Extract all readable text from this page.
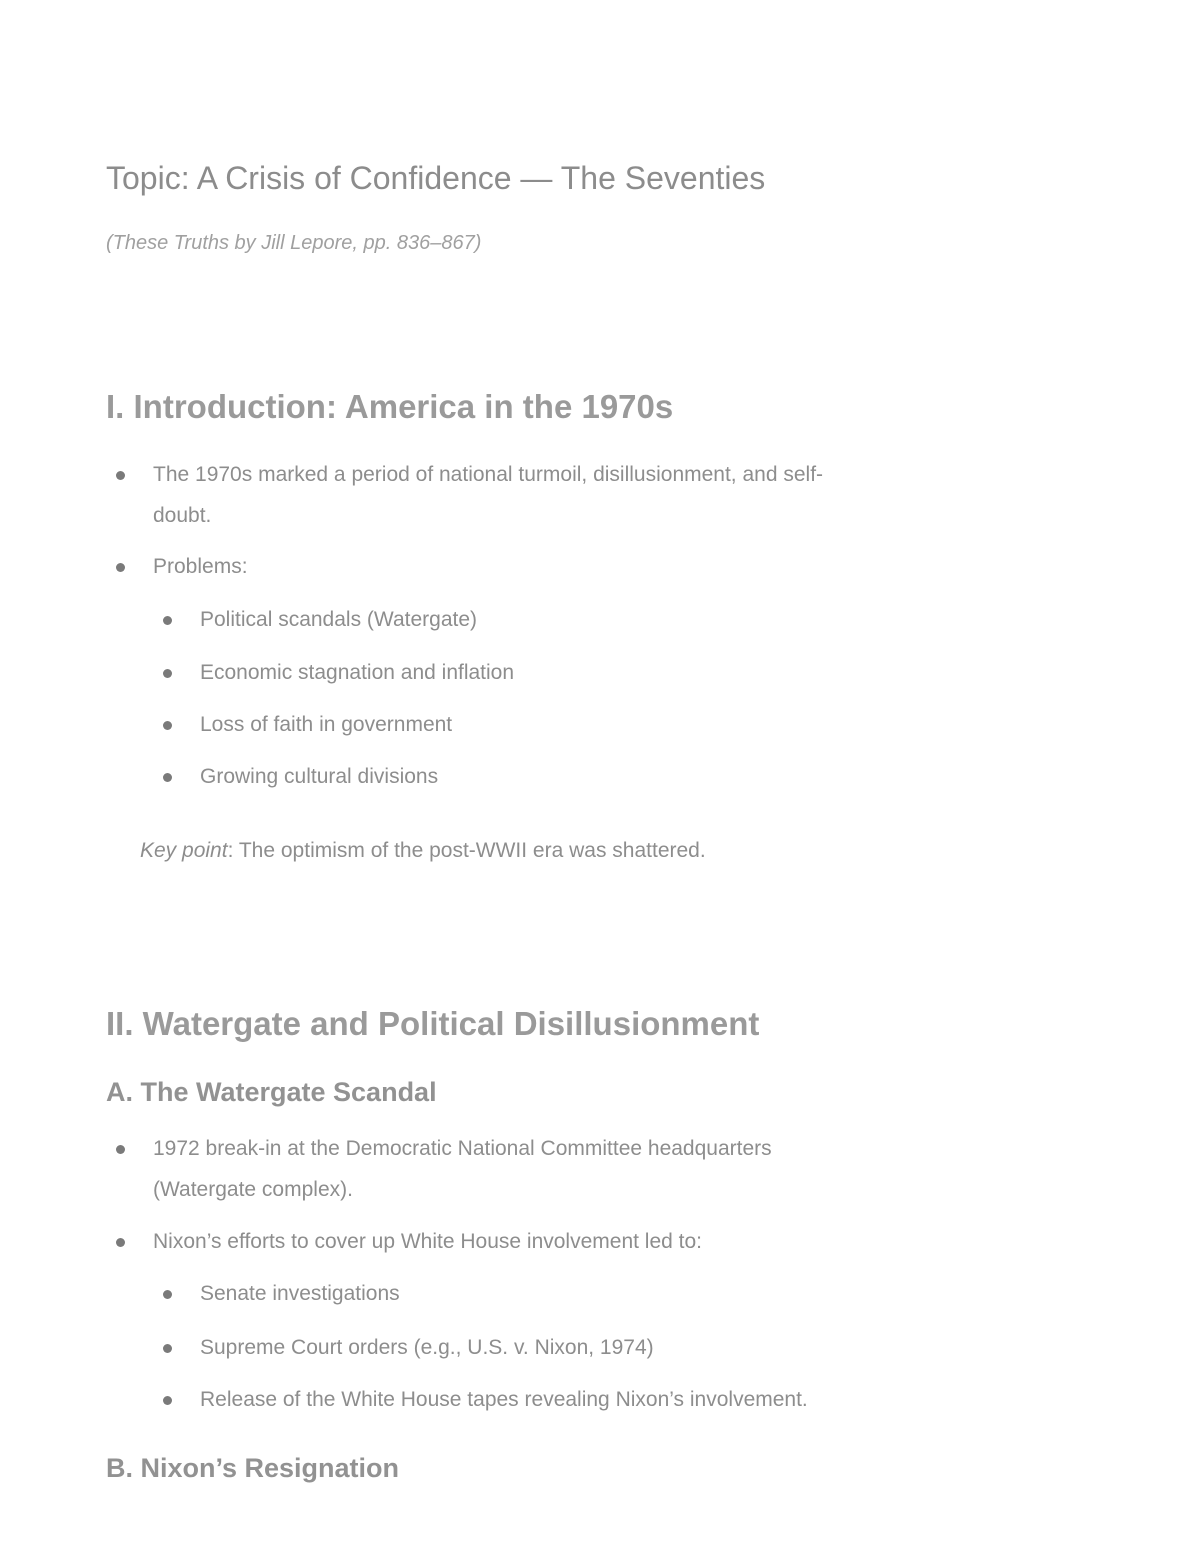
Topic: A Crisis of Confidence — The Seventies

(These Truths by Jill Lepore, pp. 836–867)

I. Introduction: America in the 1970s

The 1970s marked a period of national turmoil, disillusionment, and self-

doubt.

Problems:

Political scandals (Watergate)

Economic stagnation and inflation

Loss of faith in government

Growing cultural divisions

Key point: The optimism of the post-WWII era was shattered.

II. Watergate and Political Disillusionment
A. The Watergate Scandal

1972 break-in at the Democratic National Committee headquarters

(Watergate complex).

Nixon’s efforts to cover up White House involvement led to:

Senate investigations

Supreme Court orders (e.g., U.S. v. Nixon, 1974)

Release of the White House tapes revealing Nixon’s involvement.

B. Nixon’s Resignation
